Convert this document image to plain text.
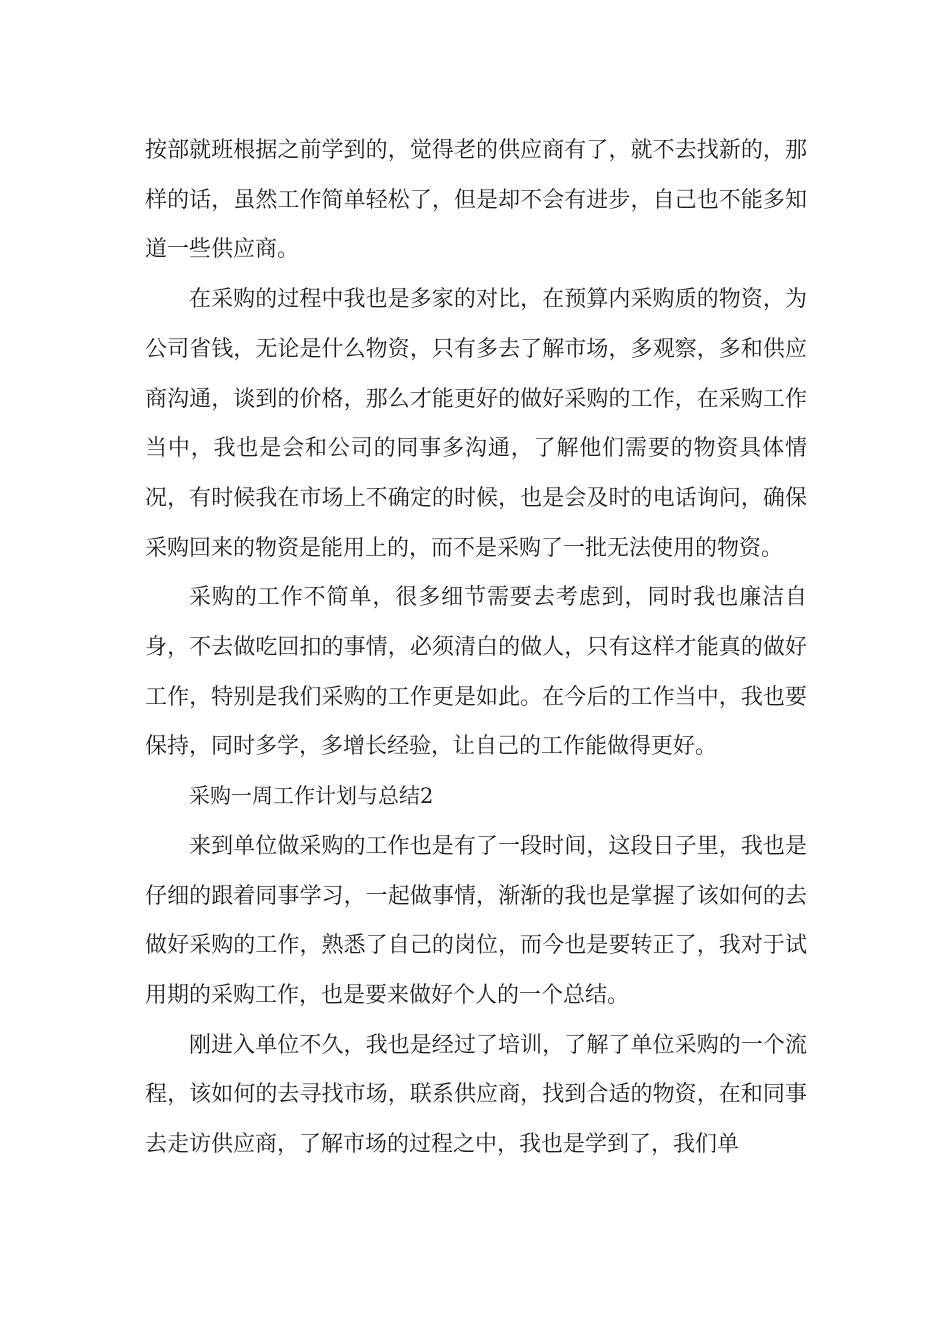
按部就班根据之前学到的，觉得老的供应商有了，就不去找新的，那样的话，虽然工作简单轻松了，但是却不会有进步，自己也不能多知道一些供应商。

在采购的过程中我也是多家的对比，在预算内采购质的物资，为公司省钱，无论是什么物资，只有多去了解市场，多观察，多和供应商沟通，谈到的价格，那么才能更好的做好采购的工作，在采购工作当中，我也是会和公司的同事多沟通，了解他们需要的物资具体情况，有时候我在市场上不确定的时候，也是会及时的电话询问，确保采购回来的物资是能用上的，而不是采购了一批无法使用的物资。

采购的工作不简单，很多细节需要去考虑到，同时我也廉洁自身，不去做吃回扣的事情，必须清白的做人，只有这样才能真的做好工作，特别是我们采购的工作更是如此。在今后的工作当中，我也要保持，同时多学，多增长经验，让自己的工作能做得更好。

采购一周工作计划与总结2

来到单位做采购的工作也是有了一段时间，这段日子里，我也是仔细的跟着同事学习，一起做事情，渐渐的我也是掌握了该如何的去做好采购的工作，熟悉了自己的岗位，而今也是要转正了，我对于试用期的采购工作，也是要来做好个人的一个总结。

刚进入单位不久，我也是经过了培训，了解了单位采购的一个流程，该如何的去寻找市场，联系供应商，找到合适的物资，在和同事去走访供应商，了解市场的过程之中，我也是学到了，我们单
